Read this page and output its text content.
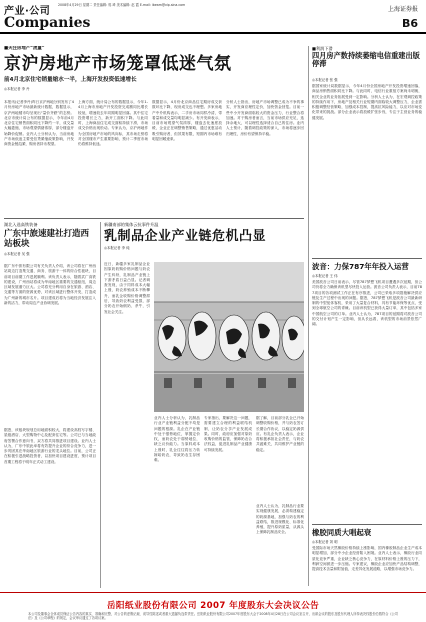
产业·公司
2008年4月29日 星期二 责任编辑: 郭 琦 美术编辑: 赵 霞 E-mail: ibeam@vip.sina.com
上海证券报
Companies	B6
■关注房地产“流量”
京沪房地产市场笼罩低迷气氛
前4月北京住宅销量缩水一半，上海开发投资低速增长
◎本报记者 李 丹
本报讯(记者李丹)昨日京沪两地分别发布了4月份房地产市场最新统计数据，数据显示，京沪两地楼市均呈现出“量价齐跌”的态势。北京市统计局公布的数据显示，今年前4月北京住宅销售面积同比下降约一半，成交量大幅萎缩，市场观望情绪浓厚，部分楼盘开始降价促销。业内人士分析认为，当前房地产市场低迷主要受信贷紧缩政策影响，开发商资金链趋紧，购房者持币观望。
上海方面，统计局公布的数据显示，今年1-4月上海市房地产开发投资完成额同比增长较低，增速较去年同期明显回落。其中住宅投资增长乏力，新开工面积下降。与此同时，上海商品住宅成交面积持续下滑，市场成交价格出现松动。专家认为，京沪两地作为全国房地产市场的风向标，其市场走势将对全国楼市产生重要影响，预计二季度市场仍将维持低迷。
数据显示，4月份北京商品住宅期房成交套数环比下降，现房成交也不理想。多家房地产中介机构表示，二手房市场同样冷清，带看量和成交量均明显减少。有开发商表示，目前市场观望气氛浓厚，楼盘去化速度放缓，企业正在调整销售策略，通过优惠活动吸引购房者，但效果有限，短期内市场难有明显回暖迹象。
分析人士指出，房地产市场调整已成为不争的事实，开发商应理性定价，加快资金回笼。目前一些中小开发商面临较大的资金压力，行业整合将加速。对于购房者而言，当前市场供应充足，选择余地大，可以理性选择适合自己的住房。业内人士预计，随着调控政策的深入，市场将逐步回归理性，房价有望保持平稳。
湖北入选高铁装备
广东中旅速建社打造西站板块
◎本报记者 吴 强
据广东中旅有限公司有关负责人介绍，该公司将在广州西站周边打造集交通、商务、旅游于一体的综合性板块，目前项目前期工作进展顺利。该负责人表示，随着武广高铁的建设，广州西站将成为华南地区重要的交通枢纽，周边区域发展潜力巨大。公司将充分利用自身在旅游、酒店、交通等方面的资源优势，对该区域进行整体开发，打造成为广州新的城市名片。项目建成后将为当地经济发展注入新的活力，带动周边产业协调发展。
据悉，该板块规划总用地面积较大，将建设高档写字楼、星级酒店、大型购物中心及配套住宅等。公司已与当地政府签署合作意向书，双方将共同推进项目建设。业内人士认为，广东中旅此举将有效提升企业的综合竞争力，进一步巩固其在华南地区旅游行业的龙头地位。目前，公司正在积极引进战略投资者，以加快项目建设进度，预计项目首期工程将于明年正式动工建设。
新疆南部的集体云抗事件升温
乳制品企业产业链危机凸显
◎本报记者 李 纯
近日，新疆多家乳制品企业因原奶收购价格问题与奶农产生纠纷，乳制品产业链上下游矛盾日益凸显。记者调查发现，由于饲料成本大幅上涨，奶农养殖成本不断攀升，而乳企收购价格调整滞后，导致奶农利益受损，部分奶农开始倒奶、杀牛，引发社会关注。
业内人士分析认为，乳制品行业产业链利益分配不均是问题的根源。乳企在产业链中处于强势地位，掌握定价权，而奶农处于弱势地位，缺乏议价能力。当原料成本上涨时，乳企往往将压力转嫁给奶农，导致奶农生存困难。
专家指出，要解决这一问题，需要建立合理的利益联结机制，让奶农分享产业发展成果。同时，政府应加强对原奶收购价格的监管，保障奶农合法权益，促进乳制品产业健康可持续发展。
据了解，目前部分乳企已开始调整收购价格，并与奶农签订长期合作协议，以稳定奶源供应。有乳企负责人表示，企业将积极承担社会责任，与奶农共渡难关，共同维护产业链的稳定。
业内人士认为，乳制品行业要实现健康发展，必须构建稳定的奶源基地，加强与奶农的利益联结，推进规模化、标准化养殖，提升原奶质量，从源头上保障乳制品安全。
■利润下滑
四月房产数持续萎缩电信重建出版停滞
◎本报记者 张 强
据国家统计局数据显示，今年4月份全国房地产开发投资增速回落，商品房销售面积同比下降。与此同时，电信行业重组方案尚未明朗，相关企业的业务拓展受到一定影响。分析人士认为，在宏观调控政策的持续作用下，房地产及相关行业短期内面临较大调整压力，企业需积极调整经营策略，加强成本控制，提高抗风险能力，以应对市场变化带来的挑战。部分企业表示将放缓扩张步伐，专注于主营业务的稳健发展。
波音：力保787年年投入运营
◎本报记者 王 伟
美国波音公司日前表示，尽管787梦想飞机项目遭遇多次延期，但公司仍将全力确保该机型尽快投入运营。波音公司负责人表示，目前787项目的各项测试工作正在有序推进，公司已采取多项措施解决供应链及生产过程中出现的问题。据悉，787梦想飞机是波音公司最新研制的中型宽体客机，采用了大量复合材料，具有节能环保等优点，受到全球航空公司的青睐。目前该机型已获得大量订单，其中包括多家中国航空公司的订单。业内人士认为，787项目的延期将对波音公司的交付计划产生一定影响，但从长远看，该机型的市场前景依然广阔。
橡胶同质大唱起衰
◎本报记者 刘 明
受国际市场天然橡胶价格持续上涨影响，国内橡胶制品企业生产成本明显增加，部分中小企业经营陷入困境。业内人士表示，橡胶行业同质化竞争严重，企业缺乏核心竞争力，在原材料价格上涨的压力下，利润空间被进一步压缩。专家建议，橡胶企业应加快产品结构调整，提高技术含量和附加值，走差异化发展道路，以增强市场竞争力。
岳阳纸业股份有限公司 2007 年度股东大会决议公告
本公司及董事会全体成员保证公告内容的真实、准确和完整，对公告的虚假记载、误导性陈述或者重大遗漏负连带责任。岳阳纸业股份有限公司2007年度股东大会于2008年4月28日在公司会议室召开，出席会议的股东及股东代理人所持表决权股份总数符合《公司法》及《公司章程》的规定，会议审议通过了各项议案。
